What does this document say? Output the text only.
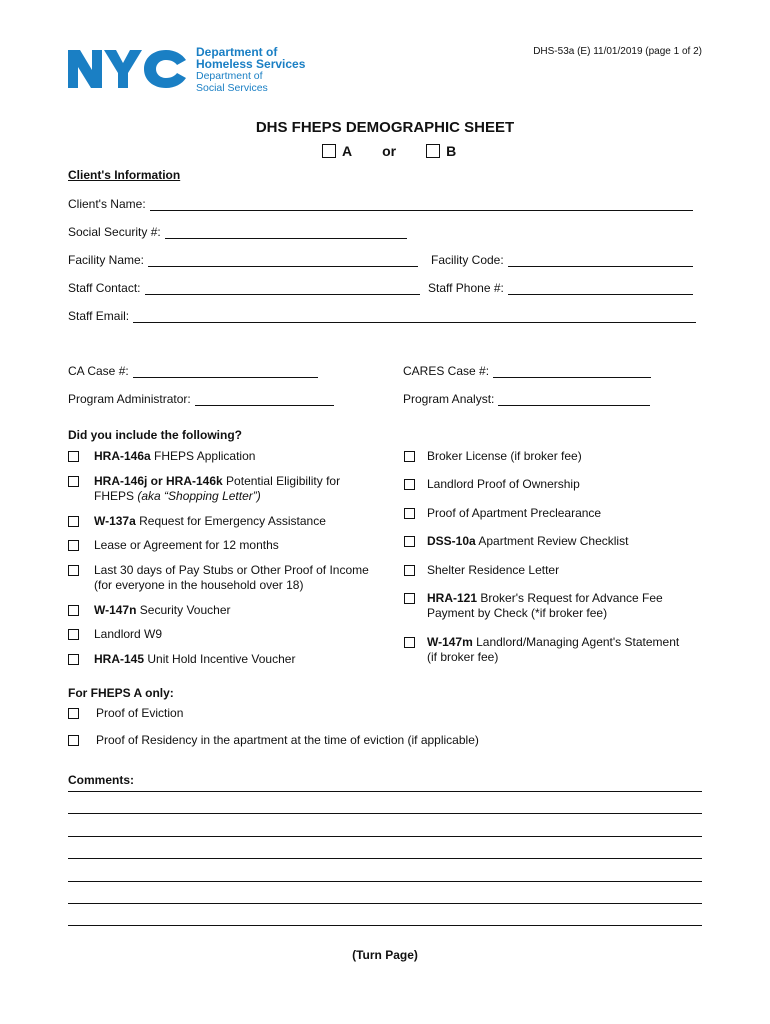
DHS-53a (E) 11/01/2019 (page 1 of 2)
Department of
Homeless Services
Department of
Social Services
DHS FHEPS DEMOGRAPHIC SHEET
A or	B
Client's Information
Client's Name:
Social Security #:
Facility Name:	Facility Code:
Staff Contact:	Staff Phone #:
Staff Email:
CA Case #:	CARES Case #:
Program Administrator:	Program Analyst:
Did you include the following?
HRA-146a FHEPS Application
HRA-146j or HRA-146k Potential Eligibility for
FHEPS (aka “Shopping Letter”)
W-137a Request for Emergency Assistance
Lease or Agreement for 12 months
Last 30 days of Pay Stubs or Other Proof of Income
(for everyone in the household over 18)
W-147n Security Voucher
Landlord W9
HRA-145 Unit Hold Incentive Voucher
Broker License (if broker fee)
Landlord Proof of Ownership
Proof of Apartment Preclearance
DSS-10a Apartment Review Checklist
Shelter Residence Letter
HRA-121 Broker's Request for Advance Fee
Payment by Check (*if broker fee)
W-147m Landlord/Managing Agent's Statement
(if broker fee)
For FHEPS A only:
Proof of Eviction
Proof of Residency in the apartment at the time of eviction (if applicable)
Comments:
(Turn Page)
